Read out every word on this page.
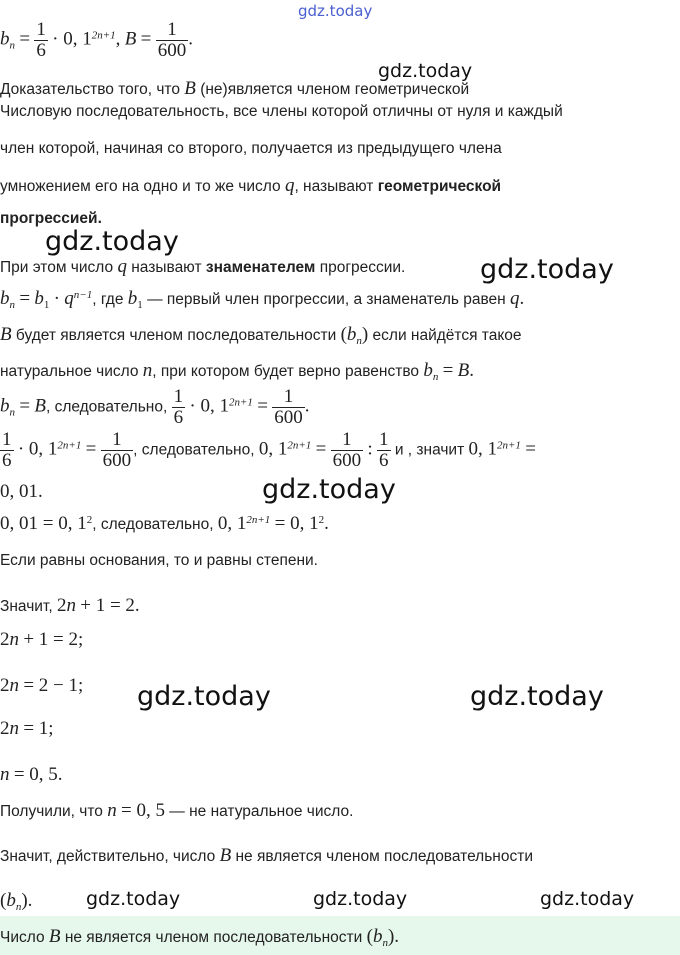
gdz.today
$b_n = \frac{1}{6} \cdot 0$, $1^{2n+1}$, $B = \frac{1}{600}$ .
gdz.today
Доказательство того, что B (не)является членом геометрической
Числовую последовательность, все члены которой отличны от нуля и каждый
член которой, начиная со второго, получается из предыдущего члена
умножением его на одно и то же число q, называют геометрической
прогрессией.
gdz.today
При этом число q называют знаменателем прогрессии.	gdz.today
$b_n = b_1 \cdot q^{n-1}$, где $b_1$ — первый член прогрессии, а знаменатель равен q.
B будет является членом последовательности $(b_n)$ если найдётся такое
натуральное число n, при котором будет верно равенство $b_n = B$.
$b_n = B$, следовательно, $\frac{1}{6} \cdot 0$, $1^{2n+1} = \frac{1}{600}$ .
$\frac{1}{6} \cdot 0$, $1^{2n+1} = \frac{1}{600}$ , следовательно, 0, $1^{2n+1} = \frac{1}{600}$ : $\frac{1}{6}$ и , значит 0, $1^{2n+1}$ =
0, 01.	gdz.today
0, 01 = 0, $1^2$, следовательно, 0, $1^{2n+1} = 0$, $1^2$.
Если равны основания, то и равны степени.
Значит, 2n + 1 = 2.
2n + 1 = 2;
2n = 2 − 1; gdz.today	gdz.today
2n = 1;
n = 0, 5.
Получили, что n = 0, 5 — не натуральное число.
Значит, действительно, число B не является членом последовательности
$(b_n)$.	gdz.today	gdz.today	gdz.today
Число B не является членом последовательности $(b_n)$.
